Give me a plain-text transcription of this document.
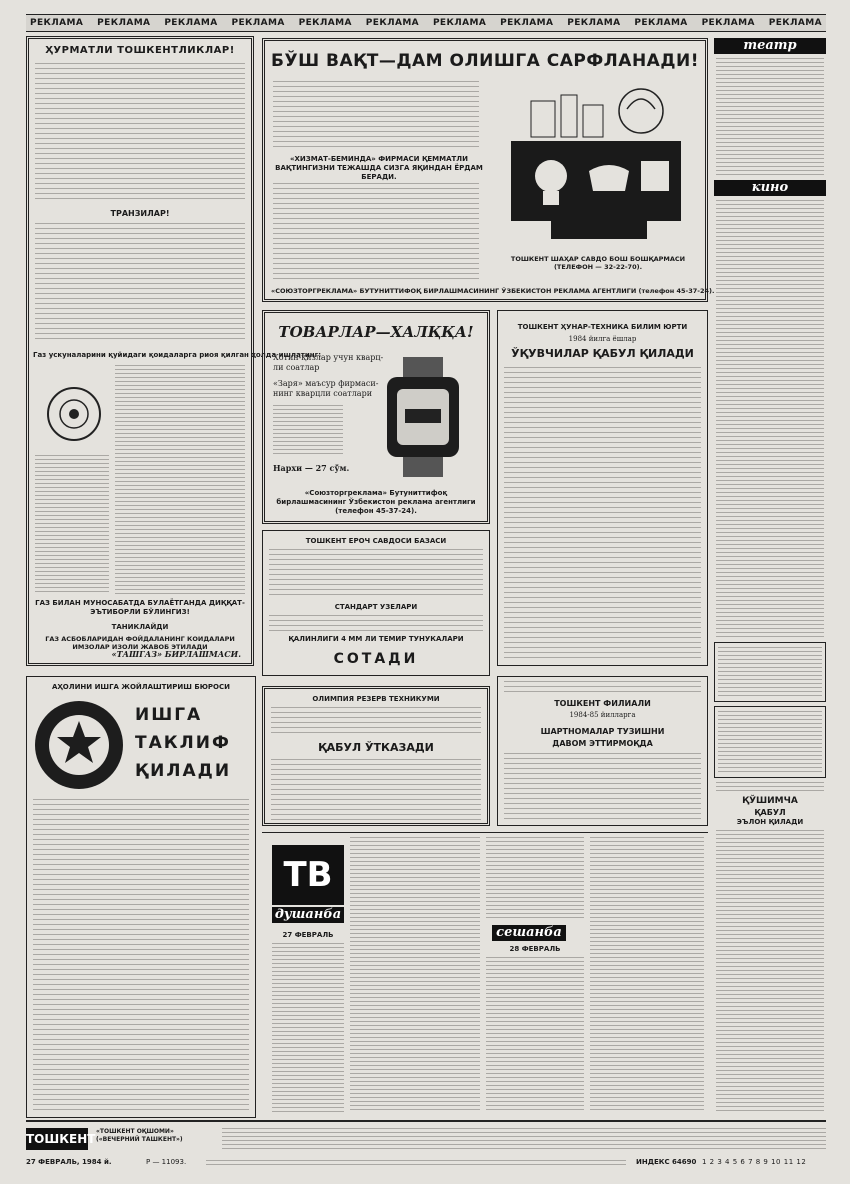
РЕКЛАМА РЕКЛАМА РЕКЛАМА РЕКЛАМА РЕКЛАМА РЕКЛАМА РЕКЛАМА РЕКЛАМА РЕКЛАМА РЕКЛАМА РЕКЛАМА РЕКЛАМА
ҲУРМАТЛИ ТОШКЕНТЛИКЛАР!
ТРАНЗИЛАР!
Газ ускуналарини қуйидаги қоидаларга риоя қилган ҳолда ишлатинг:
ГАЗ БИЛАН МУНОСАБАТДА БУЛАЁТГАНДА ДИҚҚАТ-ЭЪТИБОРЛИ БЎЛИНГИЗ!
ТАНИКЛАЙДИ
ГАЗ АСБОБЛАРИДАН ФОЙДАЛАНИНГ КОИДАЛАРИ ИМЗОЛАР ИЗОЛИ ЖАВОБ ЭТИЛАДИ
«ТАШГАЗ» БИРЛАШМАСИ.
БЎШ ВАҚТ—ДАМ ОЛИШГА САРФЛАНАДИ!
«ХИЗМАТ-БЕМИНДА» ФИРМАСИ ҚЕММАТЛИ ВАҚТИНГИЗНИ ТЕЖАШДА СИЗГА ЯҚИНДАН ЁРДАМ БЕРАДИ.
ТОШКЕНТ ШАҲАР САВДО БОШ БОШҚАРМАСИ (ТЕЛЕФОН — 32-22-70).
«СОЮЗТОРГРЕКЛАМА» БУТУНИТТИФОҚ БИРЛАШМАСИНИНГ ЎЗБЕКИСТОН РЕКЛАМА АГЕНТЛИГИ (телефон 45-37-24).
ТОВАРЛАР—ХАЛҚҚА!
Хотин-қизлар учун кварц-
ли соатлар
«Заря» маъсур фирмаси-
нинг кварцли соатлари
Нархи — 27 сўм.
«Союзторгреклама» Бутуниттифоқ бирлашмасининг Ўзбекистон реклама агентлиги (телефон 45-37-24).
ТОШКЕНТ ҲУНАР-ТЕХНИКА БИЛИМ ЮРТИ
1984 йилга ёшлар
ЎҚУВЧИЛАР ҚАБУЛ ҚИЛАДИ
ТОШКЕНТ ЕРОЧ САВДОСИ БАЗАСИ
СТАНДАРТ УЗЕЛАРИ
ҚАЛИНЛИГИ 4 ММ ЛИ ТЕМИР ТУНУКАЛАРИ
СОТАДИ
ОЛИМПИЯ РЕЗЕРВ ТЕХНИКУМИ
ҚАБУЛ ЎТКАЗАДИ
ТОШКЕНТ ФИЛИАЛИ
1984-85 йилларга
ШАРТНОМАЛАР ТУЗИШНИ
ДАВОМ ЭТТИРМОҚДА
театр
кино
ҚЎШИМЧА
ҚАБУЛ
ЭЪЛОН ҚИЛАДИ
АҲОЛИНИ ИШГА ЖОЙЛАШТИРИШ БЮРОСИ
ИШГА
ТАКЛИФ
ҚИЛАДИ
ТВ
душанба
27 ФЕВРАЛЬ	сешанба
28 ФЕВРАЛЬ
ТОШКЕНТ
«ТОШКЕНТ ОҚШОМИ» («ВЕЧЕРНИЙ ТАШКЕНТ»)
27 ФЕВРАЛЬ, 1984 й.	Р — 11093.	ИНДЕКС 64690 1 2 3 4 5 6 7 8 9 10 11 12
